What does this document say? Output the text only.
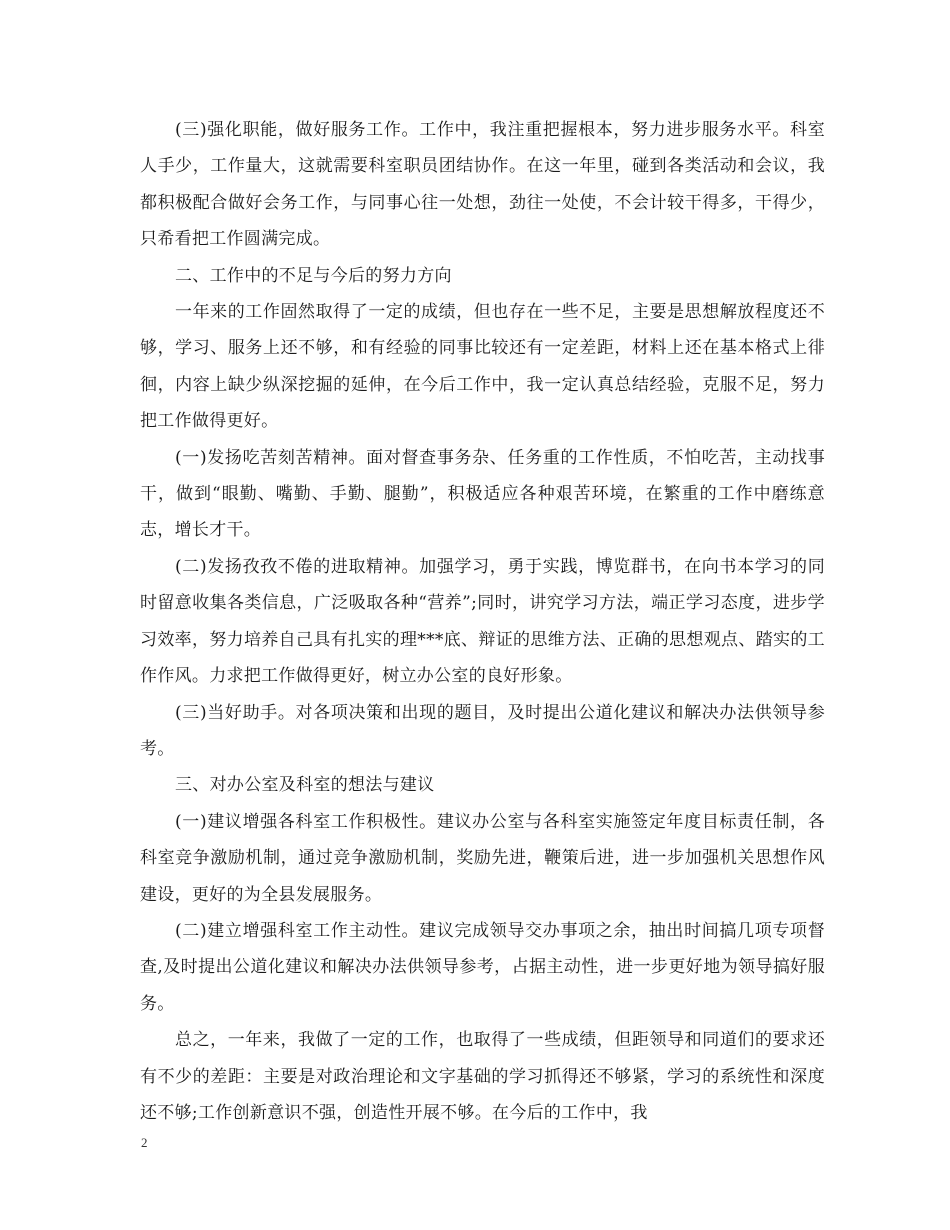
(三)强化职能，做好服务工作。工作中，我注重把握根本，努力进步服务水平。科室人手少，工作量大，这就需要科室职员团结协作。在这一年里，碰到各类活动和会议，我都积极配合做好会务工作，与同事心往一处想，劲往一处使，不会计较干得多，干得少，只希看把工作圆满完成。

二、工作中的不足与今后的努力方向

一年来的工作固然取得了一定的成绩，但也存在一些不足，主要是思想解放程度还不够，学习、服务上还不够，和有经验的同事比较还有一定差距，材料上还在基本格式上徘徊，内容上缺少纵深挖掘的延伸，在今后工作中，我一定认真总结经验，克服不足，努力把工作做得更好。

(一)发扬吃苦刻苦精神。面对督查事务杂、任务重的工作性质，不怕吃苦，主动找事干，做到“眼勤、嘴勤、手勤、腿勤”，积极适应各种艰苦环境，在繁重的工作中磨练意志，增长才干。

(二)发扬孜孜不倦的进取精神。加强学习，勇于实践，博览群书，在向书本学习的同时留意收集各类信息，广泛吸取各种“营养”;同时，讲究学习方法，端正学习态度，进步学习效率，努力培养自己具有扎实的理***底、辩证的思维方法、正确的思想观点、踏实的工作作风。力求把工作做得更好，树立办公室的良好形象。

(三)当好助手。对各项决策和出现的题目，及时提出公道化建议和解决办法供领导参考。

三、对办公室及科室的想法与建议

(一)建议增强各科室工作积极性。建议办公室与各科室实施签定年度目标责任制，各科室竞争激励机制，通过竞争激励机制，奖励先进，鞭策后进，进一步加强机关思想作风建设，更好的为全县发展服务。

(二)建立增强科室工作主动性。建议完成领导交办事项之余，抽出时间搞几项专项督查,及时提出公道化建议和解决办法供领导参考，占据主动性，进一步更好地为领导搞好服务。

总之，一年来，我做了一定的工作，也取得了一些成绩，但距领导和同道们的要求还有不少的差距：主要是对政治理论和文字基础的学习抓得还不够紧，学习的系统性和深度还不够;工作创新意识不强，创造性开展不够。在今后的工作中，我

2
